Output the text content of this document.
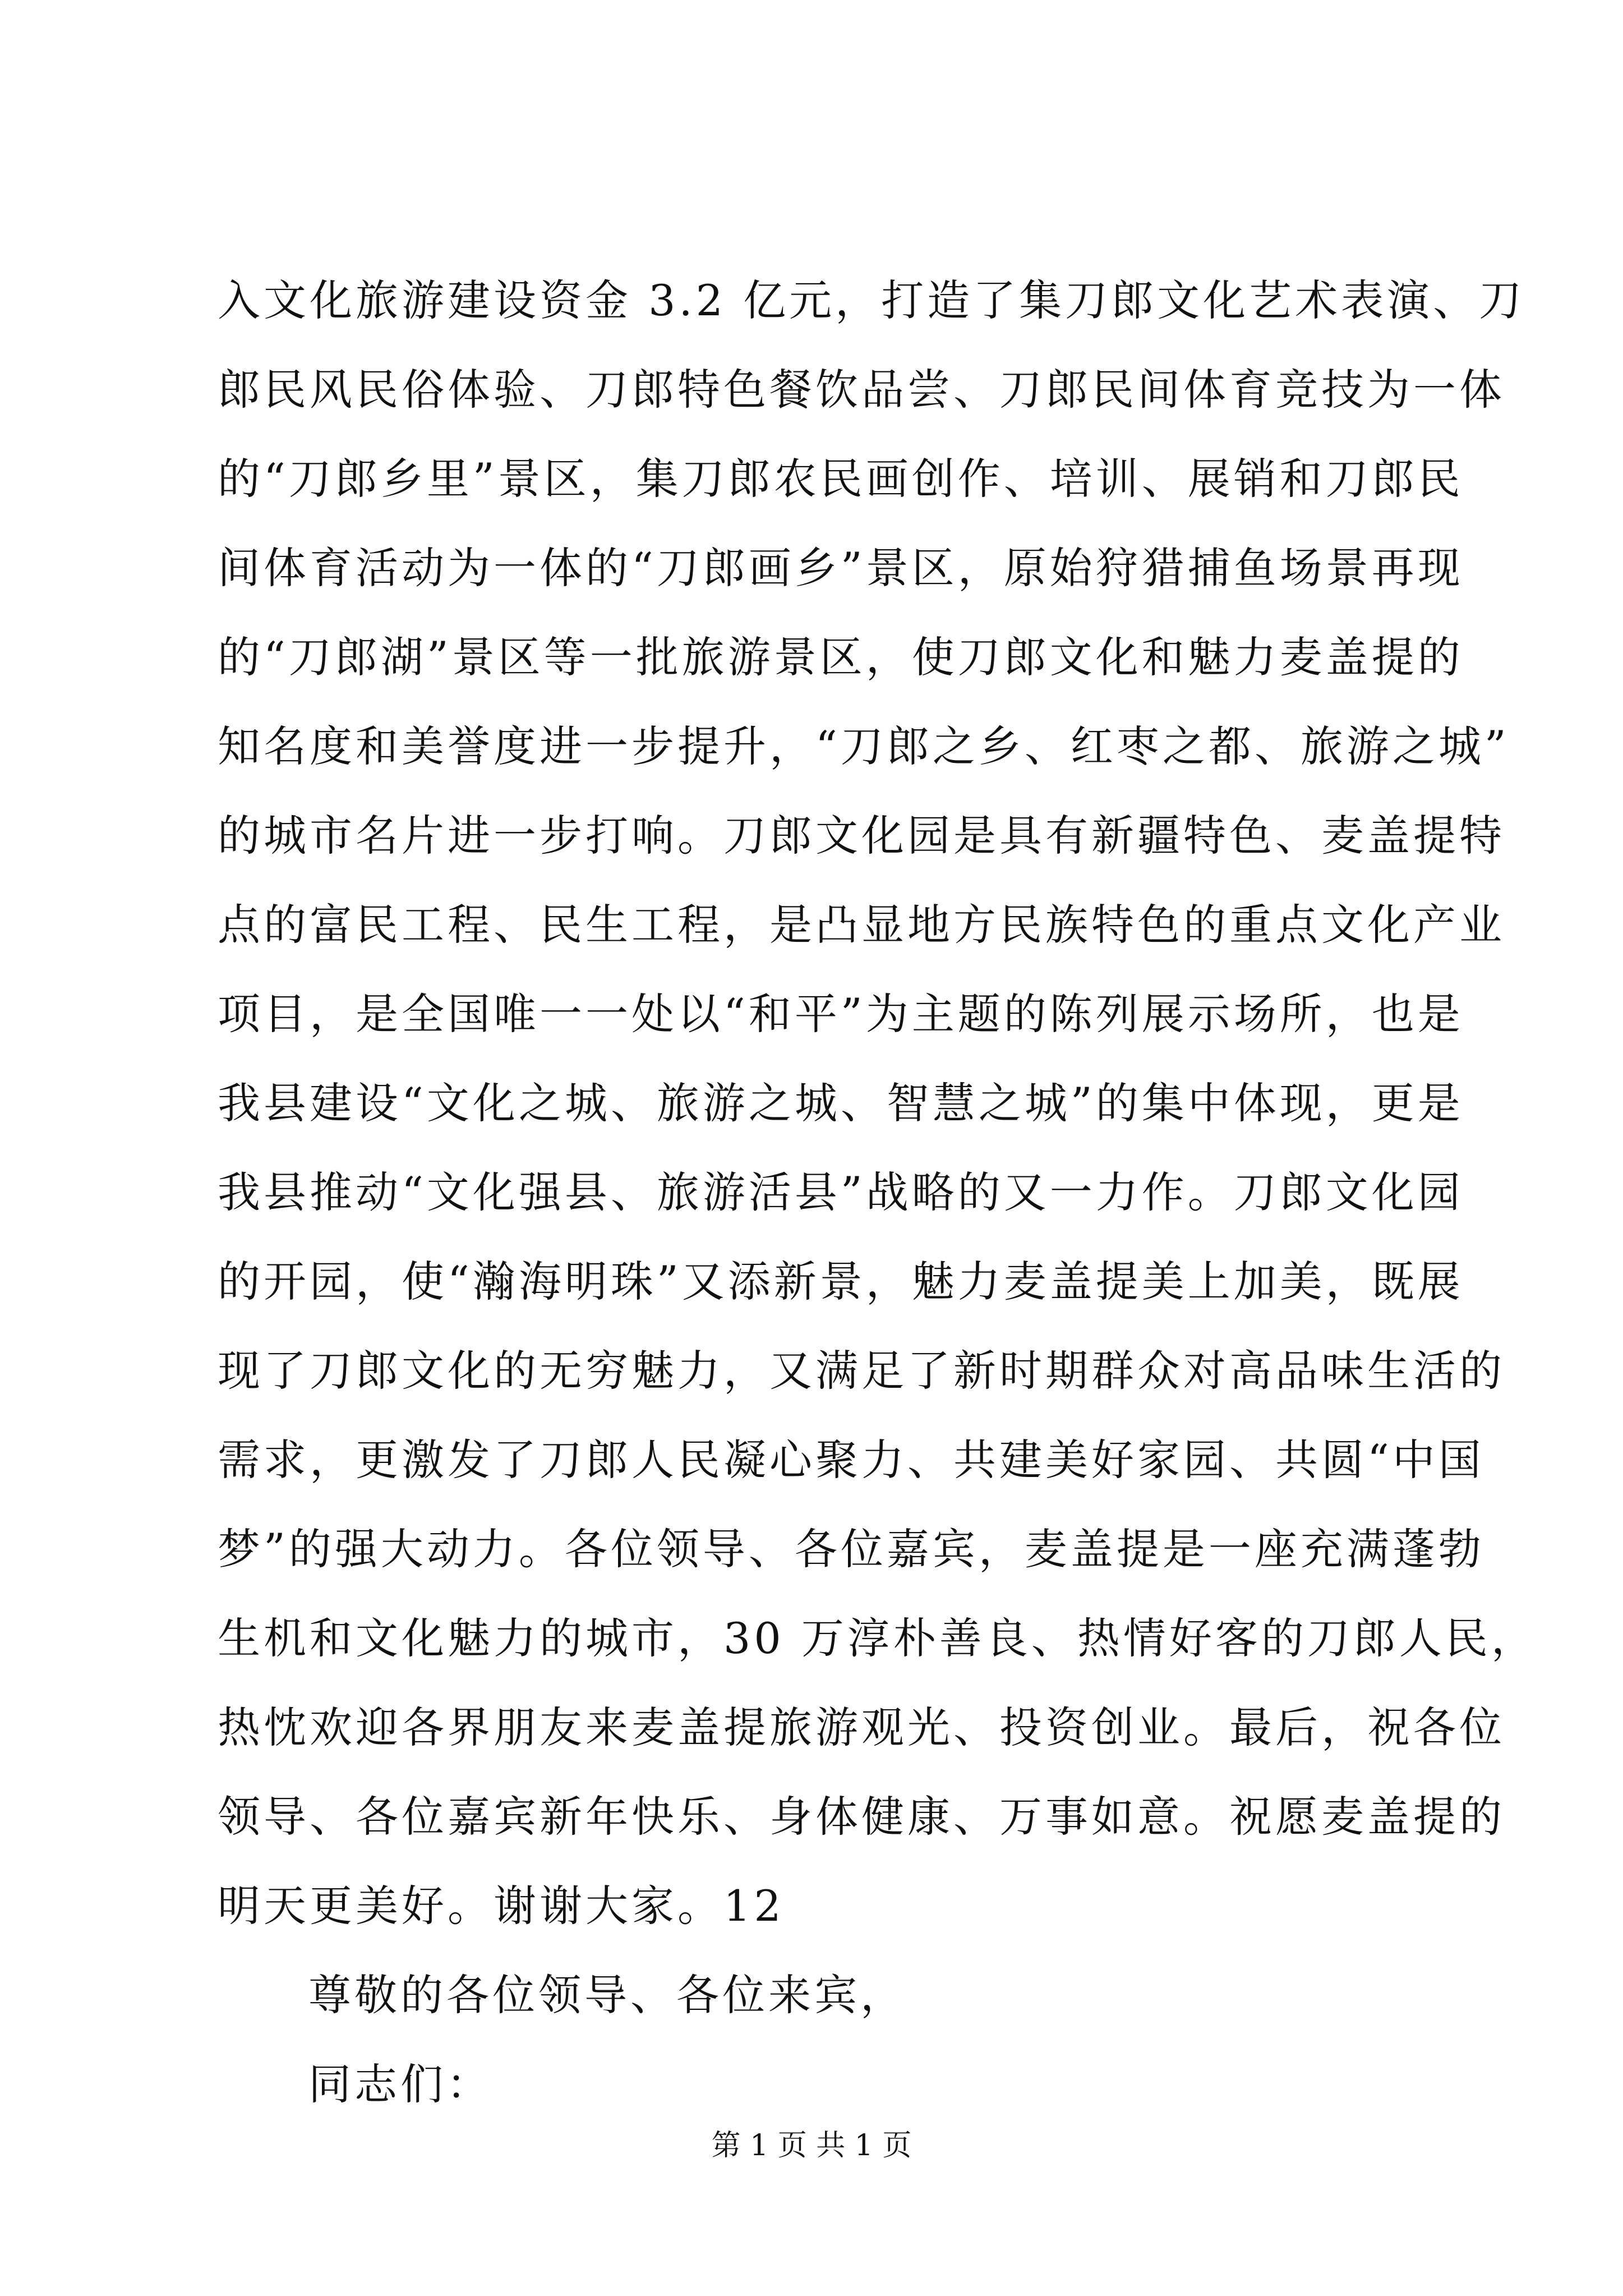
入文化旅游建设资金 3.2 亿元，打造了集刀郎文化艺术表演、刀
郎民风民俗体验、刀郎特色餐饮品尝、刀郎民间体育竞技为一体
的“刀郎乡里”景区，集刀郎农民画创作、培训、展销和刀郎民
间体育活动为一体的“刀郎画乡”景区，原始狩猎捕鱼场景再现
的“刀郎湖”景区等一批旅游景区，使刀郎文化和魅力麦盖提的
知名度和美誉度进一步提升，“刀郎之乡、红枣之都、旅游之城”
的城市名片进一步打响。刀郎文化园是具有新疆特色、麦盖提特
点的富民工程、民生工程，是凸显地方民族特色的重点文化产业
项目，是全国唯一一处以“和平”为主题的陈列展示场所，也是
我县建设“文化之城、旅游之城、智慧之城”的集中体现，更是
我县推动“文化强县、旅游活县”战略的又一力作。刀郎文化园
的开园，使“瀚海明珠”又添新景，魅力麦盖提美上加美，既展
现了刀郎文化的无穷魅力，又满足了新时期群众对高品味生活的
需求，更激发了刀郎人民凝心聚力、共建美好家园、共圆“中国
梦”的强大动力。各位领导、各位嘉宾，麦盖提是一座充满蓬勃
生机和文化魅力的城市，30 万淳朴善良、热情好客的刀郎人民，
热忱欢迎各界朋友来麦盖提旅游观光、投资创业。最后，祝各位
领导、各位嘉宾新年快乐、身体健康、万事如意。祝愿麦盖提的
明天更美好。谢谢大家。12
尊敬的各位领导、各位来宾，
同志们：
第 1 页 共 1 页
